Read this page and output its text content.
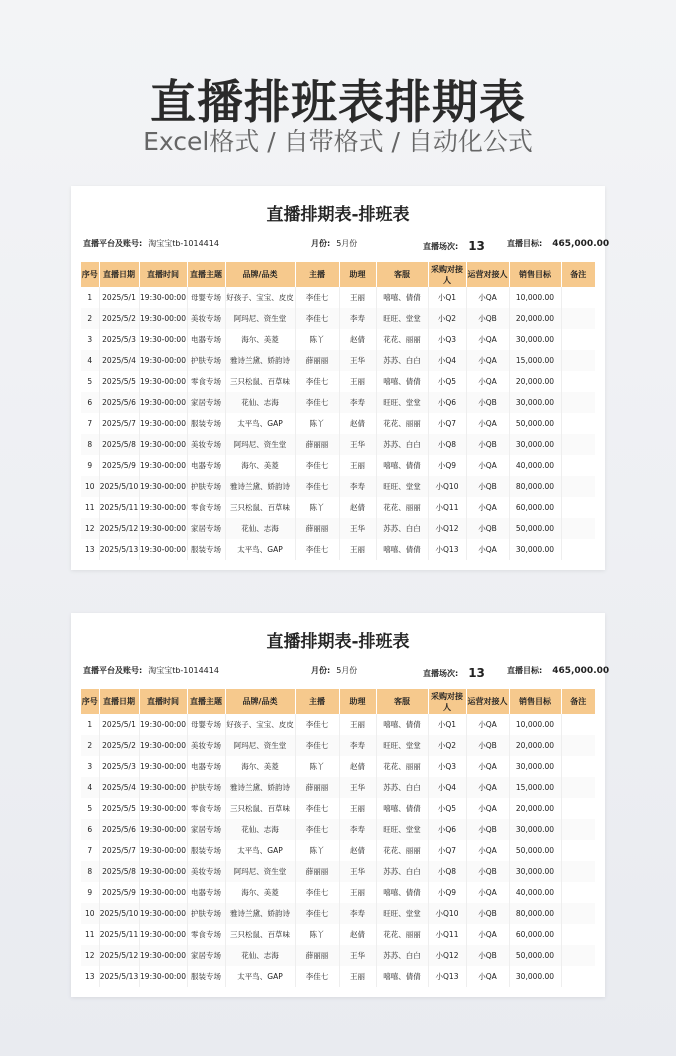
直播排班表排期表
Excel格式 / 自带格式 / 自动化公式
直播排期表-排班表
直播平台及账号: 淘宝宝tb-1014414	月份: 5月份	直播场次: 13	直播目标: 465,000.00
序号	直播日期	直播时间	直播主题	品牌/品类	主播	助理	客服	采购对接人	运营对接人	销售目标	备注
1	2025/5/1	19:30-00:00	母婴专场	好孩子、宝宝、皮皮	李佳七	王丽	嘻嘻、倩倩	小Q1	小QA	10,000.00	
2	2025/5/2	19:30-00:00	美妆专场	阿玛尼、资生堂	李佳七	李寿	旺旺、堂堂	小Q2	小QB	20,000.00	
3	2025/5/3	19:30-00:00	电器专场	海尔、美菱	陈丫	赵倩	花花、丽丽	小Q3	小QA	30,000.00	
4	2025/5/4	19:30-00:00	护肤专场	雅诗兰黛、娇韵诗	薛丽丽	王华	苏苏、白白	小Q4	小QA	15,000.00	
5	2025/5/5	19:30-00:00	零食专场	三只松鼠、百草味	李佳七	王丽	嘻嘻、倩倩	小Q5	小QA	20,000.00	
6	2025/5/6	19:30-00:00	家居专场	花仙、志海	李佳七	李寿	旺旺、堂堂	小Q6	小QB	30,000.00	
7	2025/5/7	19:30-00:00	服装专场	太平鸟、GAP	陈丫	赵倩	花花、丽丽	小Q7	小QA	50,000.00	
8	2025/5/8	19:30-00:00	美妆专场	阿玛尼、资生堂	薛丽丽	王华	苏苏、白白	小Q8	小QB	30,000.00	
9	2025/5/9	19:30-00:00	电器专场	海尔、美菱	李佳七	王丽	嘻嘻、倩倩	小Q9	小QA	40,000.00	
10	2025/5/10	19:30-00:00	护肤专场	雅诗兰黛、娇韵诗	李佳七	李寿	旺旺、堂堂	小Q10	小QB	80,000.00	
11	2025/5/11	19:30-00:00	零食专场	三只松鼠、百草味	陈丫	赵倩	花花、丽丽	小Q11	小QA	60,000.00	
12	2025/5/12	19:30-00:00	家居专场	花仙、志海	薛丽丽	王华	苏苏、白白	小Q12	小QB	50,000.00	
13	2025/5/13	19:30-00:00	服装专场	太平鸟、GAP	李佳七	王丽	嘻嘻、倩倩	小Q13	小QA	30,000.00	
直播排期表-排班表
直播平台及账号: 淘宝宝tb-1014414	月份: 5月份	直播场次: 13	直播目标: 465,000.00
序号	直播日期	直播时间	直播主题	品牌/品类	主播	助理	客服	采购对接人	运营对接人	销售目标	备注
1	2025/5/1	19:30-00:00	母婴专场	好孩子、宝宝、皮皮	李佳七	王丽	嘻嘻、倩倩	小Q1	小QA	10,000.00	
2	2025/5/2	19:30-00:00	美妆专场	阿玛尼、资生堂	李佳七	李寿	旺旺、堂堂	小Q2	小QB	20,000.00	
3	2025/5/3	19:30-00:00	电器专场	海尔、美菱	陈丫	赵倩	花花、丽丽	小Q3	小QA	30,000.00	
4	2025/5/4	19:30-00:00	护肤专场	雅诗兰黛、娇韵诗	薛丽丽	王华	苏苏、白白	小Q4	小QA	15,000.00	
5	2025/5/5	19:30-00:00	零食专场	三只松鼠、百草味	李佳七	王丽	嘻嘻、倩倩	小Q5	小QA	20,000.00	
6	2025/5/6	19:30-00:00	家居专场	花仙、志海	李佳七	李寿	旺旺、堂堂	小Q6	小QB	30,000.00	
7	2025/5/7	19:30-00:00	服装专场	太平鸟、GAP	陈丫	赵倩	花花、丽丽	小Q7	小QA	50,000.00	
8	2025/5/8	19:30-00:00	美妆专场	阿玛尼、资生堂	薛丽丽	王华	苏苏、白白	小Q8	小QB	30,000.00	
9	2025/5/9	19:30-00:00	电器专场	海尔、美菱	李佳七	王丽	嘻嘻、倩倩	小Q9	小QA	40,000.00	
10	2025/5/10	19:30-00:00	护肤专场	雅诗兰黛、娇韵诗	李佳七	李寿	旺旺、堂堂	小Q10	小QB	80,000.00	
11	2025/5/11	19:30-00:00	零食专场	三只松鼠、百草味	陈丫	赵倩	花花、丽丽	小Q11	小QA	60,000.00	
12	2025/5/12	19:30-00:00	家居专场	花仙、志海	薛丽丽	王华	苏苏、白白	小Q12	小QB	50,000.00	
13	2025/5/13	19:30-00:00	服装专场	太平鸟、GAP	李佳七	王丽	嘻嘻、倩倩	小Q13	小QA	30,000.00	
